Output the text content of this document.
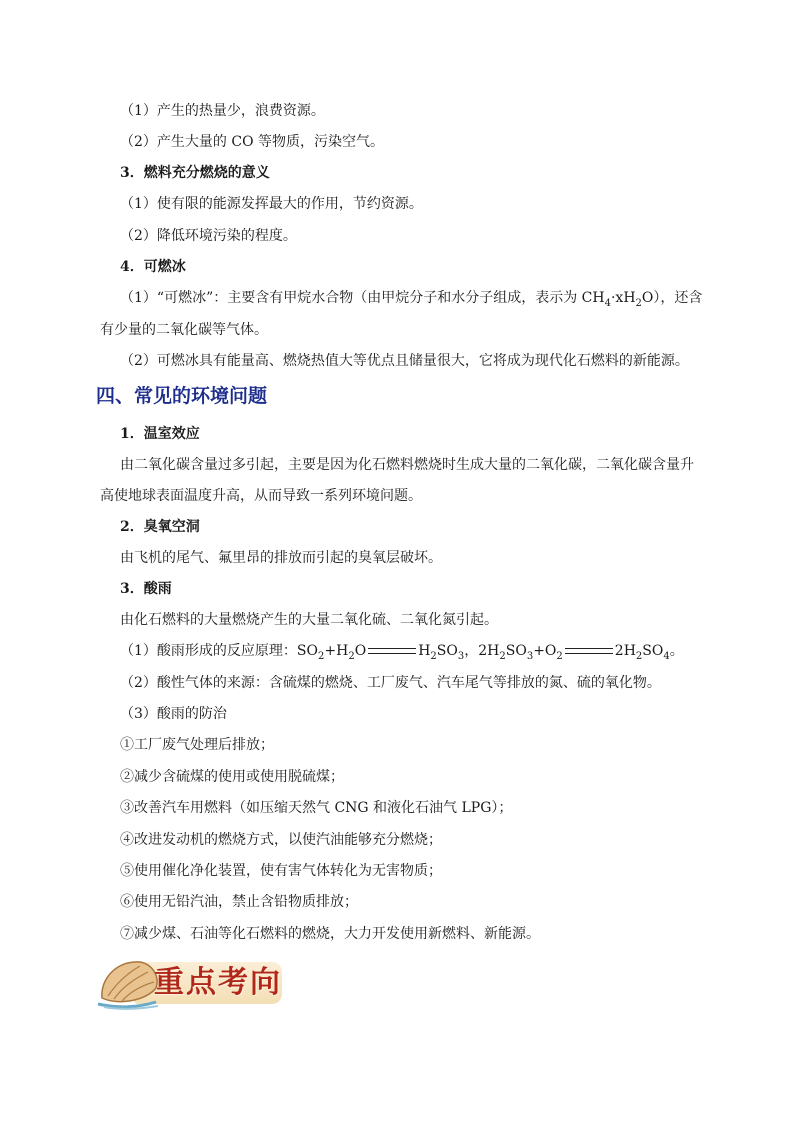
（1）产生的热量少，浪费资源。
（2）产生大量的 CO 等物质，污染空气。
3．燃料充分燃烧的意义
（1）使有限的能源发挥最大的作用，节约资源。
（2）降低环境污染的程度。
4．可燃冰
（1）“可燃冰”：主要含有甲烷水合物（由甲烷分子和水分子组成，表示为 $CH_4\cdot xH_2O$），还含
有少量的二氧化碳等气体。
（2）可燃冰具有能量高、燃烧热值大等优点且储量很大，它将成为现代化石燃料的新能源。
四、常见的环境问题
1．温室效应
由二氧化碳含量过多引起，主要是因为化石燃料燃烧时生成大量的二氧化碳，二氧化碳含量升
高使地球表面温度升高，从而导致一系列环境问题。
2．臭氧空洞
由飞机的尾气、氟里昂的排放而引起的臭氧层破坏。
3．酸雨
由化石燃料的大量燃烧产生的大量二氧化硫、二氧化氮引起。
（1）酸雨形成的反应原理：$SO_2+H_2O$	$H_2SO_3$，$2H_2SO_3+O_2$	$2H_2SO_4$。
（2）酸性气体的来源：含硫煤的燃烧、工厂废气、汽车尾气等排放的氮、硫的氧化物。
（3）酸雨的防治
①工厂废气处理后排放；
②减少含硫煤的使用或使用脱硫煤；
③改善汽车用燃料（如压缩天然气 CNG 和液化石油气 LPG）；
④改进发动机的燃烧方式，以使汽油能够充分燃烧；
⑤使用催化净化装置，使有害气体转化为无害物质；
⑥使用无铅汽油，禁止含铅物质排放；
⑦减少煤、石油等化石燃料的燃烧，大力开发使用新燃料、新能源。
重点考向
